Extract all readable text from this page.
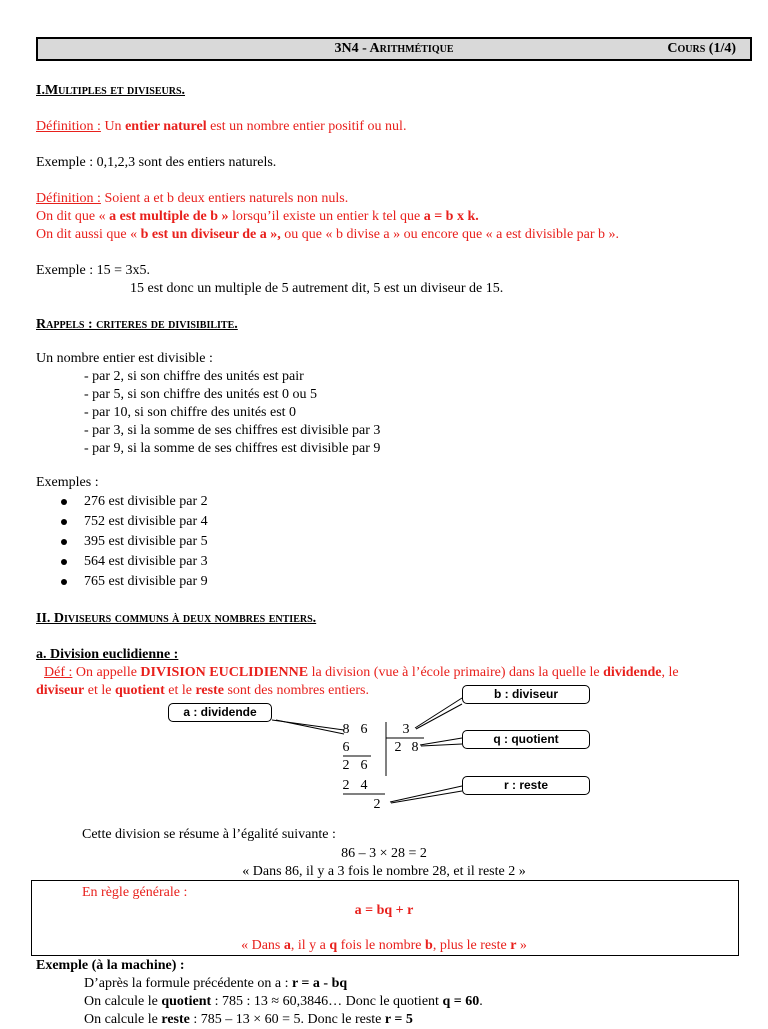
3N4 - Arithmétique	Cours (1/4)
I.Multiples et diviseurs.
Définition : Un entier naturel est un nombre entier positif ou nul.
Exemple : 0,1,2,3 sont des entiers naturels.
Définition : Soient a et b deux entiers naturels non nuls.
On dit que « a est multiple de b » lorsqu’il existe un entier k tel que a = b x k.
On dit aussi que « b est un diviseur de a », ou que « b divise a » ou encore que « a est divisible par b ».
Exemple : 15 = 3x5.
15 est donc un multiple de 5 autrement dit, 5 est un diviseur de 15.
Rappels : criteres de divisibilite.
Un nombre entier est divisible :
- par 2, si son chiffre des unités est pair
- par 5, si son chiffre des unités est 0 ou 5
- par 10, si son chiffre des unités est 0
- par 3, si la somme de ses chiffres est divisible par 3
- par 9, si la somme de ses chiffres est divisible par 9
Exemples :
276 est divisible par 2
752 est divisible par 4
395 est divisible par 5
564 est divisible par 3
765 est divisible par 9
II. Diviseurs communs à deux nombres entiers.
a. Division euclidienne :
Déf : On appelle DIVISION EUCLIDIENNE la division (vue à l’école primaire) dans la quelle le dividende, le
diviseur et le quotient et le reste sont des nombres entiers.
8 6	3
6	2 8
2 6
2 4
2
a : dividende
b : diviseur
q : quotient
r : reste
Cette division se résume à l’égalité suivante :
86 – 3 × 28 = 2
« Dans 86, il y a 3 fois le nombre 28, et il reste 2 »
En règle générale :
a = bq + r
« Dans a, il y a q fois le nombre b, plus le reste r »
Exemple (à la machine) :
D’après la formule précédente on a : r = a - bq
On calcule le quotient : 785 : 13 ≈ 60,3846… Donc le quotient q = 60.
On calcule le reste : 785 – 13 × 60 = 5. Donc le reste r = 5
